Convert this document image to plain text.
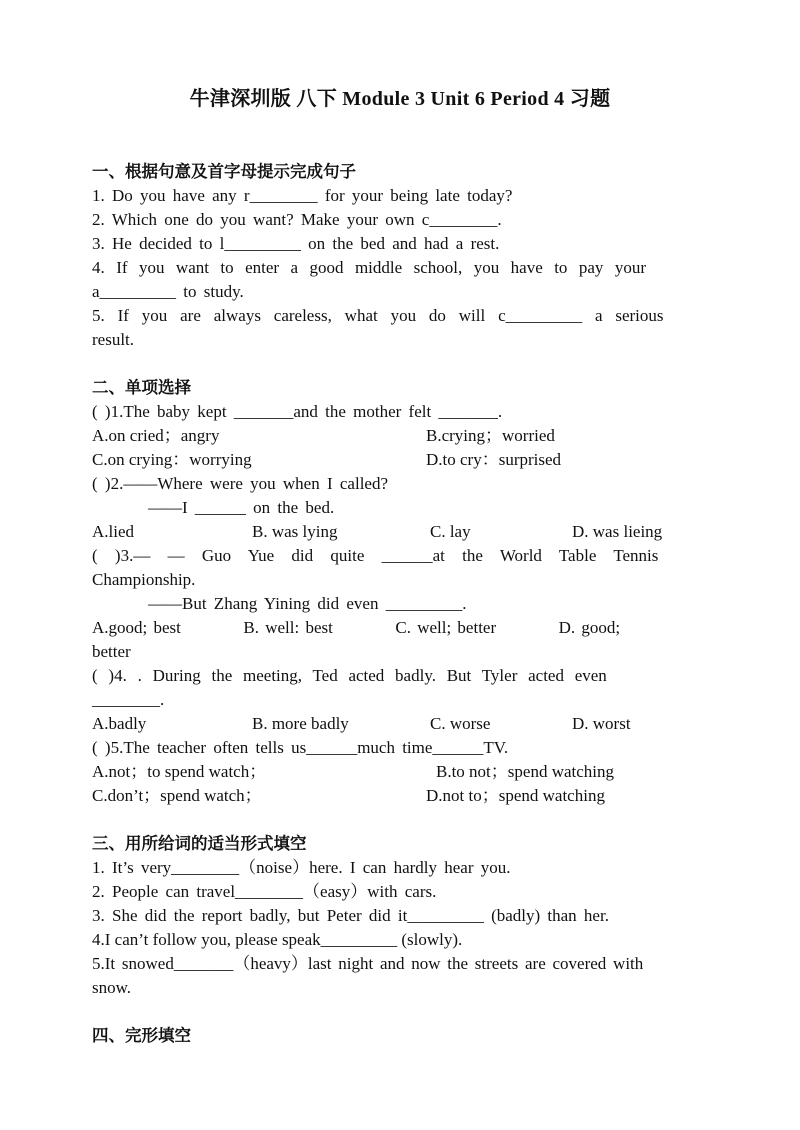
牛津深圳版 八下 Module 3 Unit 6 Period 4 习题

一、根据句意及首字母提示完成句子

1. Do you have any r________ for your being late today?

2. Which one do you want? Make your own c________.

3. He decided to l_________ on the bed and had a rest.

4. If you want to enter a good middle school, you have to pay your

a_________ to study.

5. If you are always careless, what you do will c_________ a serious

result.

二、单项选择

( )1.The baby kept _______and the mother felt _______.

A.on cried；angry	B.crying；worried
C.on crying：worrying	D.to cry：surprised

( )2.——Where were you when I called?

——I ______ on the bed.

A.lied	B. was lying	C. lay	D. was lieing

( )3.— — Guo Yue did quite ______at the World Table Tennis

Championship.

——But Zhang Yining did even _________.

A.good; best          B. well: best          C. well; better          D. good;

better

( )4. . During the meeting, Ted acted badly. But Tyler acted even

________.

A.badly	B. more badly	C. worse	D. worst

( )5.The teacher often tells us______much time______TV.

A.not；to spend watch；	B.to not；spend watching
C.don’t；spend watch；	D.not to；spend watching

三、用所给词的适当形式填空

1. It’s very________（noise）here. I can hardly hear you.

2. People can travel________（easy）with cars.

3. She did the report badly, but Peter did it_________ (badly) than her.

4.I can’t follow you, please speak_________ (slowly).

5.It snowed_______（heavy）last night and now the streets are covered with

snow.

四、完形填空
